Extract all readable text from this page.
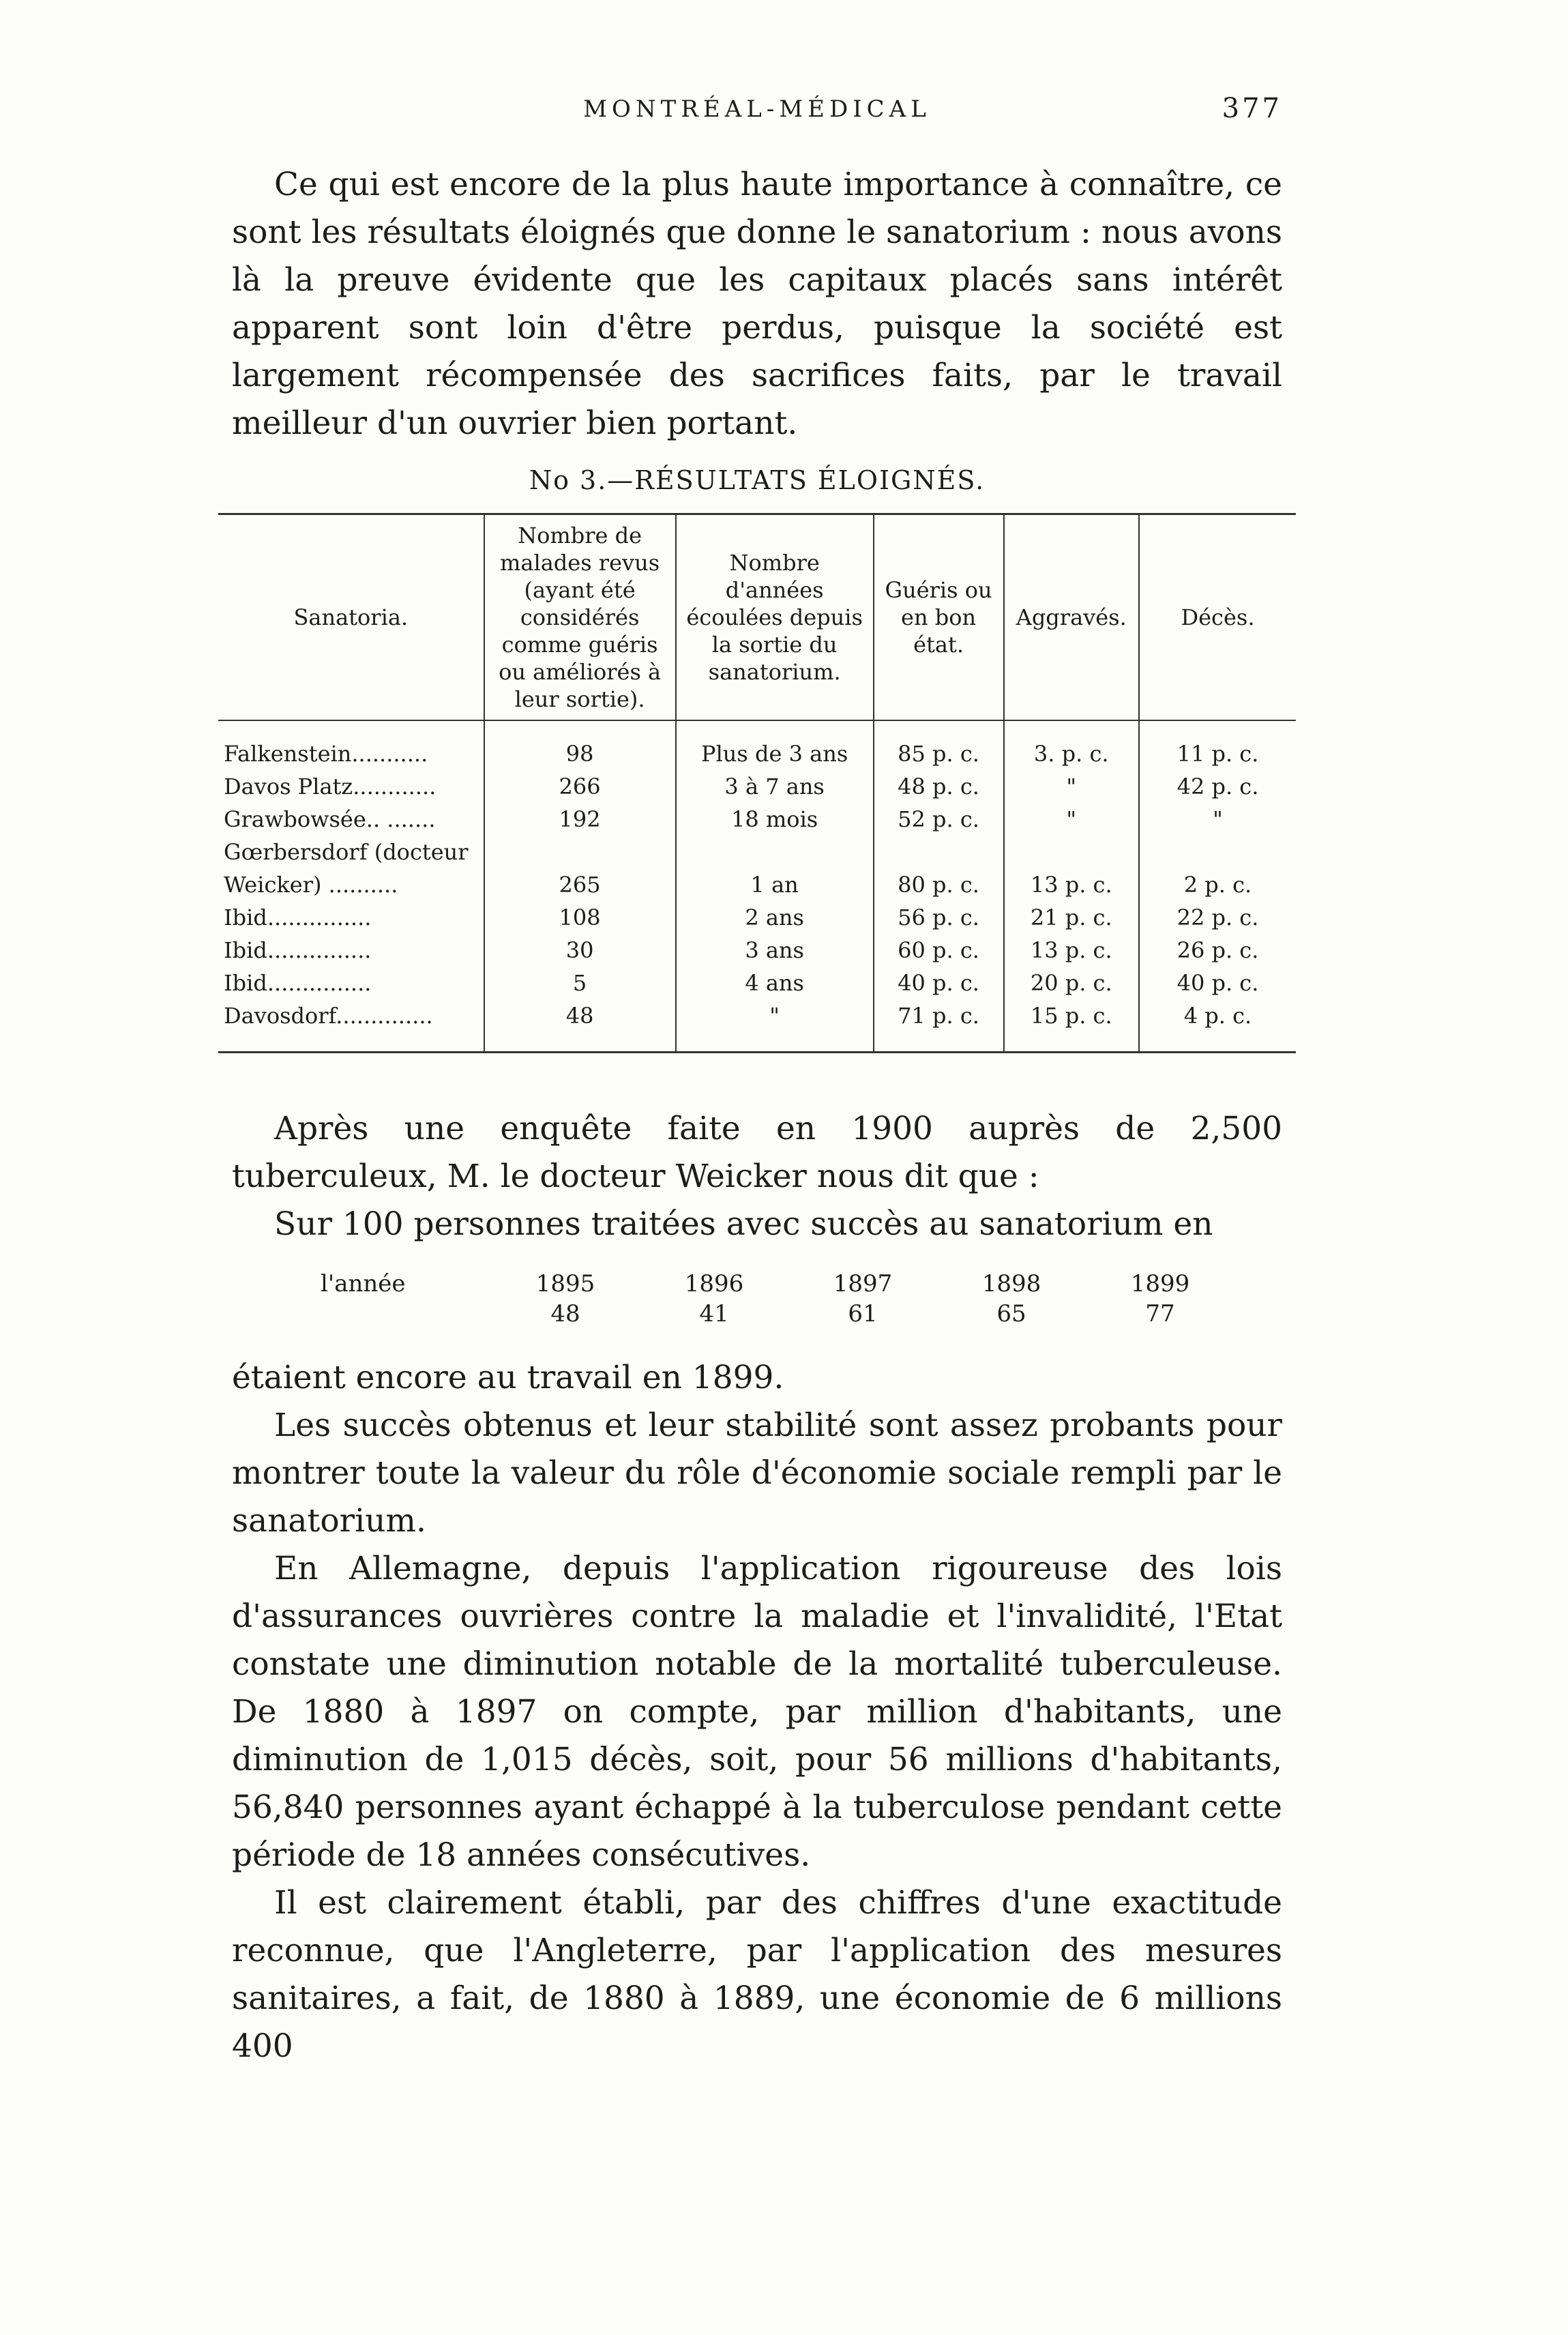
MONTRÉAL-MÉDICAL	377

Ce qui est encore de la plus haute importance à connaître, ce sont les résultats éloignés que donne le sanatorium : nous avons là la preuve évidente que les capitaux placés sans intérêt apparent sont loin d'être perdus, puisque la société est largement récompensée des sacrifices faits, par le travail meilleur d'un ouvrier bien portant.

No 3.—RÉSULTATS ÉLOIGNÉS.
Sanatoria.	Nombre de malades revus (ayant été considérés comme guéris ou améliorés à leur sortie).	Nombre d'années écoulées depuis la sortie du sanatorium.	Guéris ou en bon état.	Aggravés.	Décès.
Falkenstein...........	98	Plus de 3 ans	85 p. c.	3. p. c.	11 p. c.
Davos Platz............	266	3 à 7 ans	48 p. c.	"	42 p. c.
Grawbowsée.. .......	192	18 mois	52 p. c.	"	"
Gœrbersdorf (docteur					
Weicker) ..........	265	1 an	80 p. c.	13 p. c.	2 p. c.
Ibid...............	108	2 ans	56 p. c.	21 p. c.	22 p. c.
Ibid...............	30	3 ans	60 p. c.	13 p. c.	26 p. c.
Ibid...............	5	4 ans	40 p. c.	20 p. c.	40 p. c.
Davosdorf..............	48	"	71 p. c.	15 p. c.	4 p. c.

Après une enquête faite en 1900 auprès de 2,500 tuberculeux, M. le docteur Weicker nous dit que :

Sur 100 personnes traitées avec succès au sanatorium en

l'année	1895	1896	1897	1898	1899
48	41	61	65	77

étaient encore au travail en 1899.

Les succès obtenus et leur stabilité sont assez probants pour montrer toute la valeur du rôle d'économie sociale rempli par le sanatorium.

En Allemagne, depuis l'application rigoureuse des lois d'assurances ouvrières contre la maladie et l'invalidité, l'Etat constate une diminution notable de la mortalité tuberculeuse. De 1880 à 1897 on compte, par million d'habitants, une diminution de 1,015 décès, soit, pour 56 millions d'habitants, 56,840 personnes ayant échappé à la tuberculose pendant cette période de 18 années consécutives.

Il est clairement établi, par des chiffres d'une exactitude reconnue, que l'Angleterre, par l'application des mesures sanitaires, a fait, de 1880 à 1889, une économie de 6 millions 400
